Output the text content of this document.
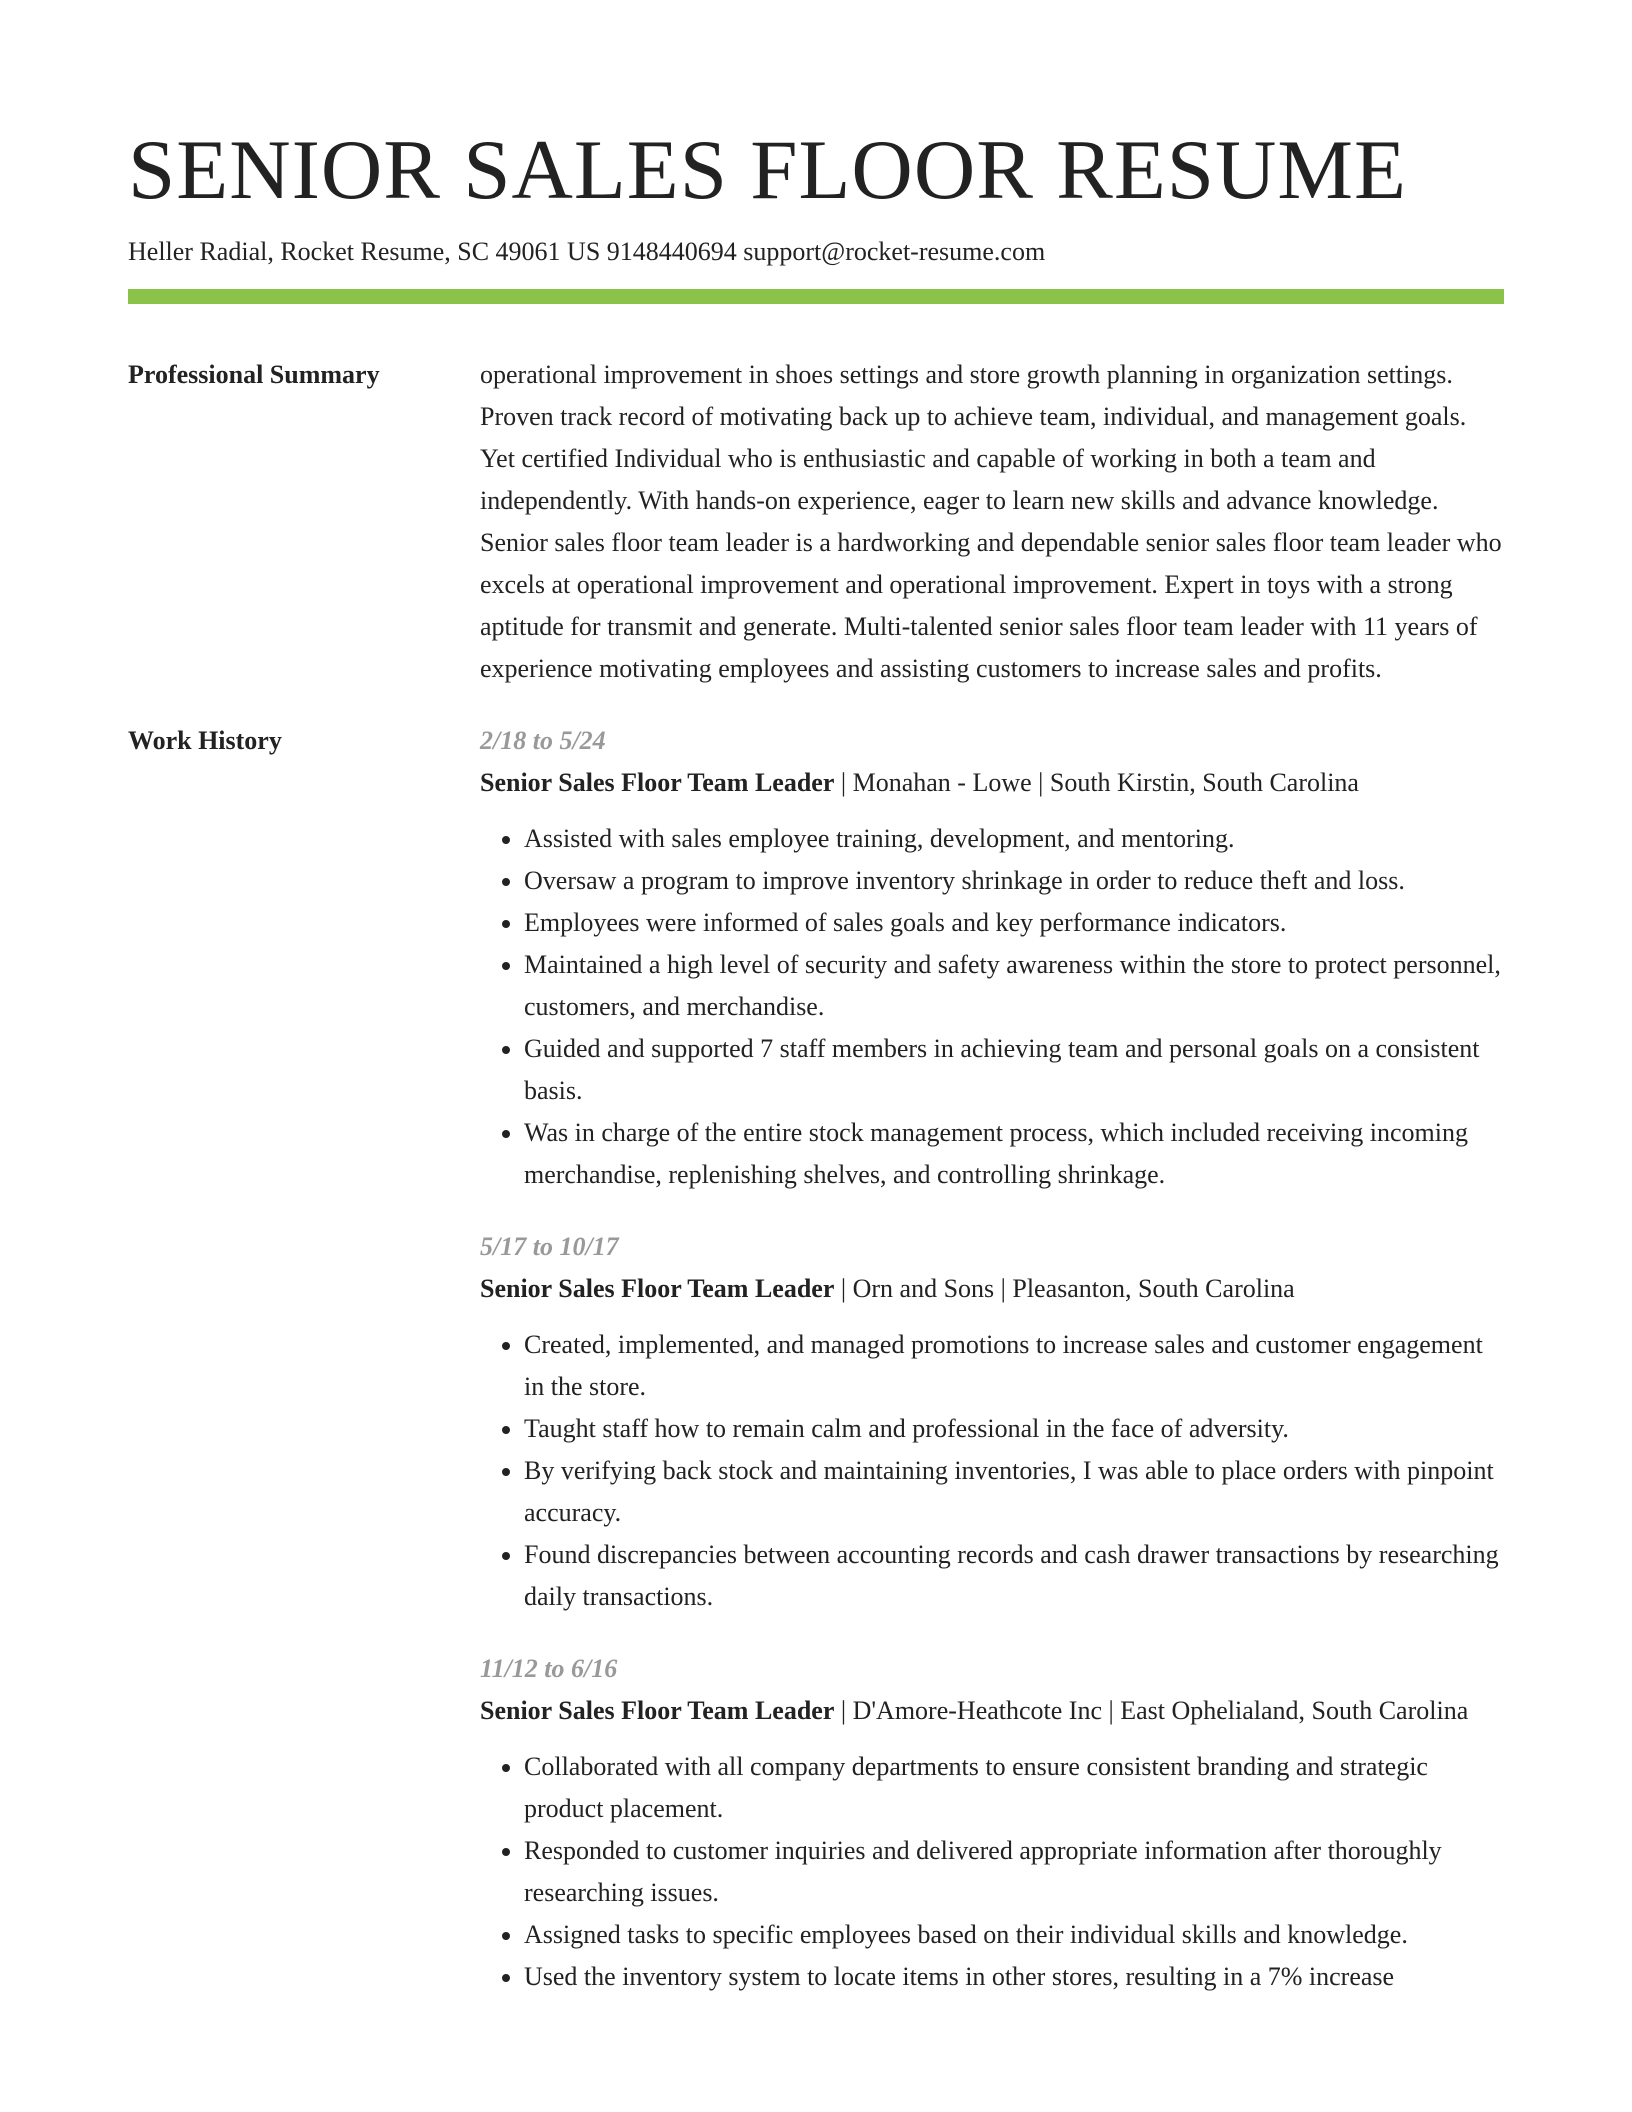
SENIOR SALES FLOOR RESUME
Heller Radial, Rocket Resume, SC 49061 US 9148440694 support@rocket-resume.com
Professional Summary	operational improvement in shoes settings and store growth planning in organization settings. Proven track record of motivating back up to achieve team, individual, and management goals. Yet certified Individual who is enthusiastic and capable of working in both a team and independently. With hands-on experience, eager to learn new skills and advance knowledge. Senior sales floor team leader is a hardworking and dependable senior sales floor team leader who excels at operational improvement and operational improvement. Expert in toys with a strong aptitude for transmit and generate. Multi-talented senior sales floor team leader with 11 years of experience motivating employees and assisting customers to increase sales and profits.
Work History	2/18 to 5/24
Senior Sales Floor Team Leader | Monahan - Lowe | South Kirstin, South Carolina
• Assisted with sales employee training, development, and mentoring.
• Oversaw a program to improve inventory shrinkage in order to reduce theft and loss.
• Employees were informed of sales goals and key performance indicators.
• Maintained a high level of security and safety awareness within the store to protect personnel, customers, and merchandise.
• Guided and supported 7 staff members in achieving team and personal goals on a consistent basis.
• Was in charge of the entire stock management process, which included receiving incoming merchandise, replenishing shelves, and controlling shrinkage.
5/17 to 10/17
Senior Sales Floor Team Leader | Orn and Sons | Pleasanton, South Carolina
• Created, implemented, and managed promotions to increase sales and customer engagement in the store.
• Taught staff how to remain calm and professional in the face of adversity.
• By verifying back stock and maintaining inventories, I was able to place orders with pinpoint accuracy.
• Found discrepancies between accounting records and cash drawer transactions by researching daily transactions.
11/12 to 6/16
Senior Sales Floor Team Leader | D'Amore-Heathcote Inc | East Ophelialand, South Carolina
• Collaborated with all company departments to ensure consistent branding and strategic product placement.
• Responded to customer inquiries and delivered appropriate information after thoroughly researching issues.
• Assigned tasks to specific employees based on their individual skills and knowledge.
• Used the inventory system to locate items in other stores, resulting in a 7% increase
